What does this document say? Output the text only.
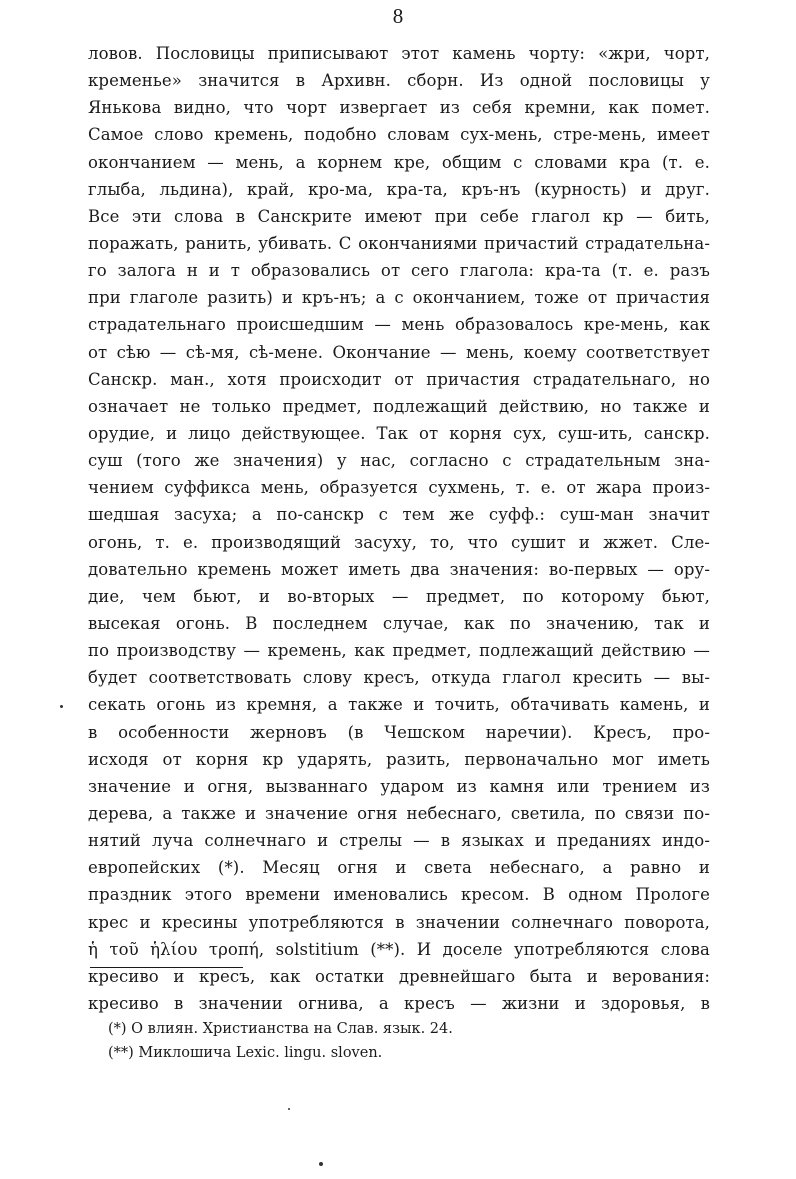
8
ловов. Пословицы приписывают этот камень чорту: «жри, чорт,
кременье» значится в Архивн. сборн. Из одной пословицы у
Янькова видно, что чорт извергает из себя кремни, как помет.
Самое слово кремень, подобно словам сух-мень, стре-мень, имеет
окончанием — мень, а корнем кре, общим с словами кра (т. е.
глыба, льдина), край, кро-ма, кра-та, кръ-нъ (курность) и друг.
Все эти слова в Санскрите имеют при себе глагол кр — бить,
поражать, ранить, убивать. С окончаниями причастий страдательна-
го залога н и т образовались от сего глагола: кра-та (т. е. разъ
при глаголе разить) и кръ-нъ; а с окончанием, тоже от причастия
страдательнаго происшедшим — мень образовалось кре-мень, как
от сѣю — сѣ-мя, сѣ-мене. Окончание — мень, коему соответствует
Санскр. ман., хотя происходит от причастия страдательнаго, но
означает не только предмет, подлежащий действию, но также и
орудие, и лицо действующее. Так от корня сух, суш-ить, санскр.
суш (того же значения) у нас, согласно с страдательным зна-
чением суффикса мень, образуется сухмень, т. е. от жара произ-
шедшая засуха; а по-санскр с тем же суфф.: суш-ман значит
огонь, т. е. производящий засуху, то, что сушит и жжет. Сле-
довательно кремень может иметь два значения: во-первых — ору-
дие, чем бьют, и во-вторых — предмет, по которому бьют,
высекая огонь. В последнем случае, как по значению, так и
по производству — кремень, как предмет, подлежащий действию —
будет соответствовать слову кресъ, откуда глагол кресить — вы-
секать огонь из кремня, а также и точить, обтачивать камень, и
в особенности жерновъ (в Чешском наречии). Кресъ, про-
исходя от корня кр ударять, разить, первоначально мог иметь
значение и огня, вызваннаго ударом из камня или трением из
дерева, а также и значение огня небеснаго, светила, по связи по-
нятий луча солнечнаго и стрелы — в языках и преданиях индо-
европейских (*). Месяц огня и света небеснаго, а равно и
праздник этого времени именовались кресом. В одном Прологе
крес и кресины употребляются в значении солнечнаго поворота,
ἡ τοῦ ἡλίου τροπή, solstitium (**). И доселе употребляются слова
кресиво и кресъ, как остатки древнейшаго быта и верования:
кресиво в значении огнива, а кресъ — жизни и здоровья, в
(*) О влиян. Христианства на Слав. язык. 24.
(**) Миклошича Lexic. lingu. sloven.
